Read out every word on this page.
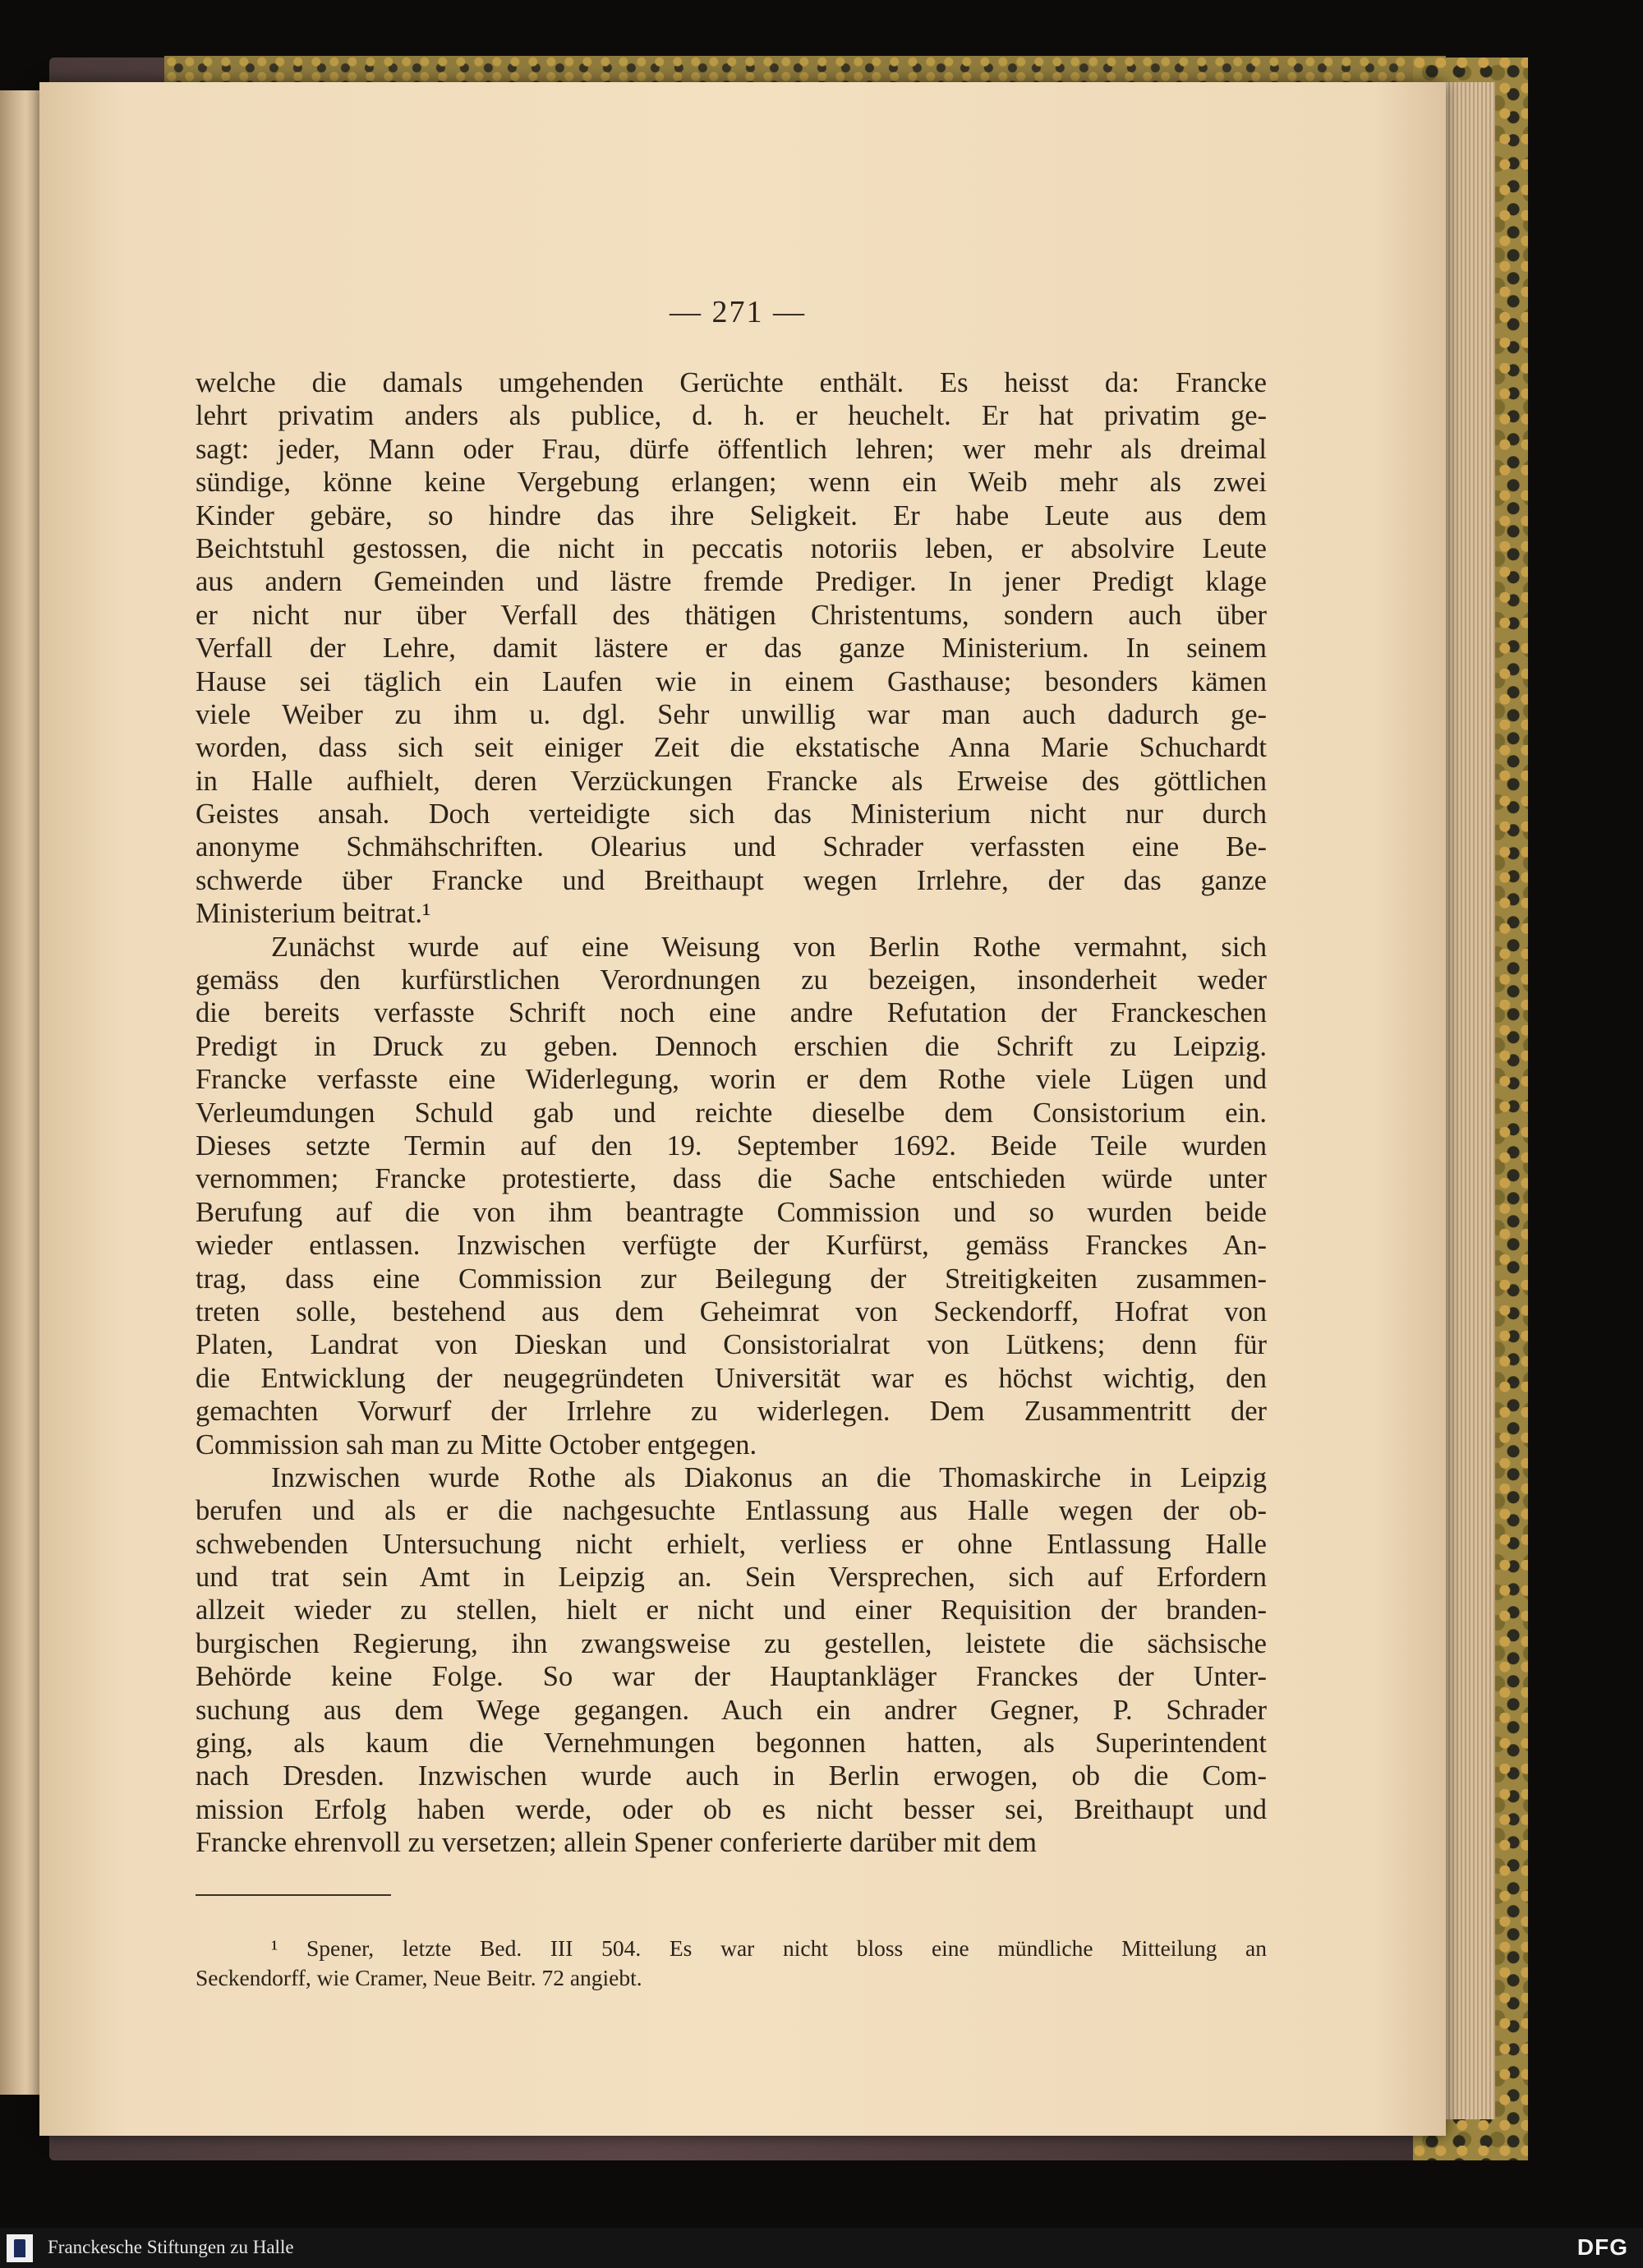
— 271 —
welche die damals umgehenden Gerüchte enthält. Es heisst da: Francke
lehrt privatim anders als publice, d. h. er heuchelt. Er hat privatim ge-
sagt: jeder, Mann oder Frau, dürfe öffentlich lehren; wer mehr als dreimal
sündige, könne keine Vergebung erlangen; wenn ein Weib mehr als zwei
Kinder gebäre, so hindre das ihre Seligkeit. Er habe Leute aus dem
Beichtstuhl gestossen, die nicht in peccatis notoriis leben, er absolvire Leute
aus andern Gemeinden und lästre fremde Prediger. In jener Predigt klage
er nicht nur über Verfall des thätigen Christentums, sondern auch über
Verfall der Lehre, damit lästere er das ganze Ministerium. In seinem
Hause sei täglich ein Laufen wie in einem Gasthause; besonders kämen
viele Weiber zu ihm u. dgl. Sehr unwillig war man auch dadurch ge-
worden, dass sich seit einiger Zeit die ekstatische Anna Marie Schuchardt
in Halle aufhielt, deren Verzückungen Francke als Erweise des göttlichen
Geistes ansah. Doch verteidigte sich das Ministerium nicht nur durch
anonyme Schmähschriften. Olearius und Schrader verfassten eine Be-
schwerde über Francke und Breithaupt wegen Irrlehre, der das ganze
Ministerium beitrat.¹
Zunächst wurde auf eine Weisung von Berlin Rothe vermahnt, sich
gemäss den kurfürstlichen Verordnungen zu bezeigen, insonderheit weder
die bereits verfasste Schrift noch eine andre Refutation der Franckeschen
Predigt in Druck zu geben. Dennoch erschien die Schrift zu Leipzig.
Francke verfasste eine Widerlegung, worin er dem Rothe viele Lügen und
Verleumdungen Schuld gab und reichte dieselbe dem Consistorium ein.
Dieses setzte Termin auf den 19. September 1692. Beide Teile wurden
vernommen; Francke protestierte, dass die Sache entschieden würde unter
Berufung auf die von ihm beantragte Commission und so wurden beide
wieder entlassen. Inzwischen verfügte der Kurfürst, gemäss Franckes An-
trag, dass eine Commission zur Beilegung der Streitigkeiten zusammen-
treten solle, bestehend aus dem Geheimrat von Seckendorff, Hofrat von
Platen, Landrat von Dieskan und Consistorialrat von Lütkens; denn für
die Entwicklung der neugegründeten Universität war es höchst wichtig, den
gemachten Vorwurf der Irrlehre zu widerlegen. Dem Zusammentritt der
Commission sah man zu Mitte October entgegen.
Inzwischen wurde Rothe als Diakonus an die Thomaskirche in Leipzig
berufen und als er die nachgesuchte Entlassung aus Halle wegen der ob-
schwebenden Untersuchung nicht erhielt, verliess er ohne Entlassung Halle
und trat sein Amt in Leipzig an. Sein Versprechen, sich auf Erfordern
allzeit wieder zu stellen, hielt er nicht und einer Requisition der branden-
burgischen Regierung, ihn zwangsweise zu gestellen, leistete die sächsische
Behörde keine Folge. So war der Hauptankläger Franckes der Unter-
suchung aus dem Wege gegangen. Auch ein andrer Gegner, P. Schrader
ging, als kaum die Vernehmungen begonnen hatten, als Superintendent
nach Dresden. Inzwischen wurde auch in Berlin erwogen, ob die Com-
mission Erfolg haben werde, oder ob es nicht besser sei, Breithaupt und
Francke ehrenvoll zu versetzen; allein Spener conferierte darüber mit dem
¹ Spener, letzte Bed. III 504. Es war nicht bloss eine mündliche Mitteilung an
Seckendorff, wie Cramer, Neue Beitr. 72 angiebt.
Franckesche Stiftungen zu Halle	DFG
